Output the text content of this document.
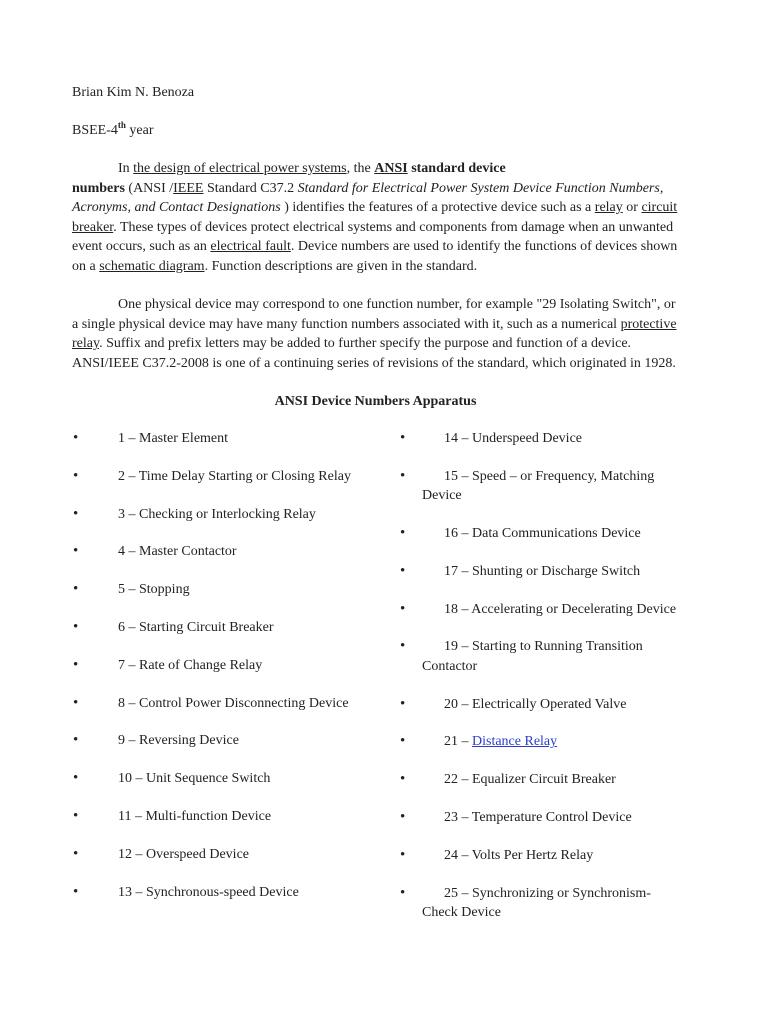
Brian Kim N. Benoza
BSEE-4th year
In the design of electrical power systems, the ANSI standard device
numbers (ANSI /IEEE Standard C37.2 Standard for Electrical Power System Device Function Numbers,
Acronyms, and Contact Designations ) identifies the features of a protective device such as a relay or circuit
breaker. These types of devices protect electrical systems and components from damage when an unwanted
event occurs, such as an electrical fault. Device numbers are used to identify the functions of devices shown
on a schematic diagram. Function descriptions are given in the standard.
One physical device may correspond to one function number, for example "29 Isolating Switch", or
a single physical device may have many function numbers associated with it, such as a numerical protective
relay. Suffix and prefix letters may be added to further specify the purpose and function of a device.
ANSI/IEEE C37.2-2008 is one of a continuing series of revisions of the standard, which originated in 1928.
ANSI Device Numbers Apparatus
•
1 – Master Element
•
2 – Time Delay Starting or Closing Relay
•
3 – Checking or Interlocking Relay
•
4 – Master Contactor
•
5 – Stopping
•
6 – Starting Circuit Breaker
•
7 – Rate of Change Relay
•
8 – Control Power Disconnecting Device
•
9 – Reversing Device
•
10 – Unit Sequence Switch
•
11 – Multi-function Device
•
12 – Overspeed Device
•
13 – Synchronous-speed Device
•
14 – Underspeed Device
•
15 – Speed – or Frequency, Matching
Device
•
16 – Data Communications Device
•
17 – Shunting or Discharge Switch
•
18 – Accelerating or Decelerating Device
•
19 – Starting to Running Transition
Contactor
•
20 – Electrically Operated Valve
•
21 – Distance Relay
•
22 – Equalizer Circuit Breaker
•
23 – Temperature Control Device
•
24 – Volts Per Hertz Relay
•
25 – Synchronizing or Synchronism-
Check Device
